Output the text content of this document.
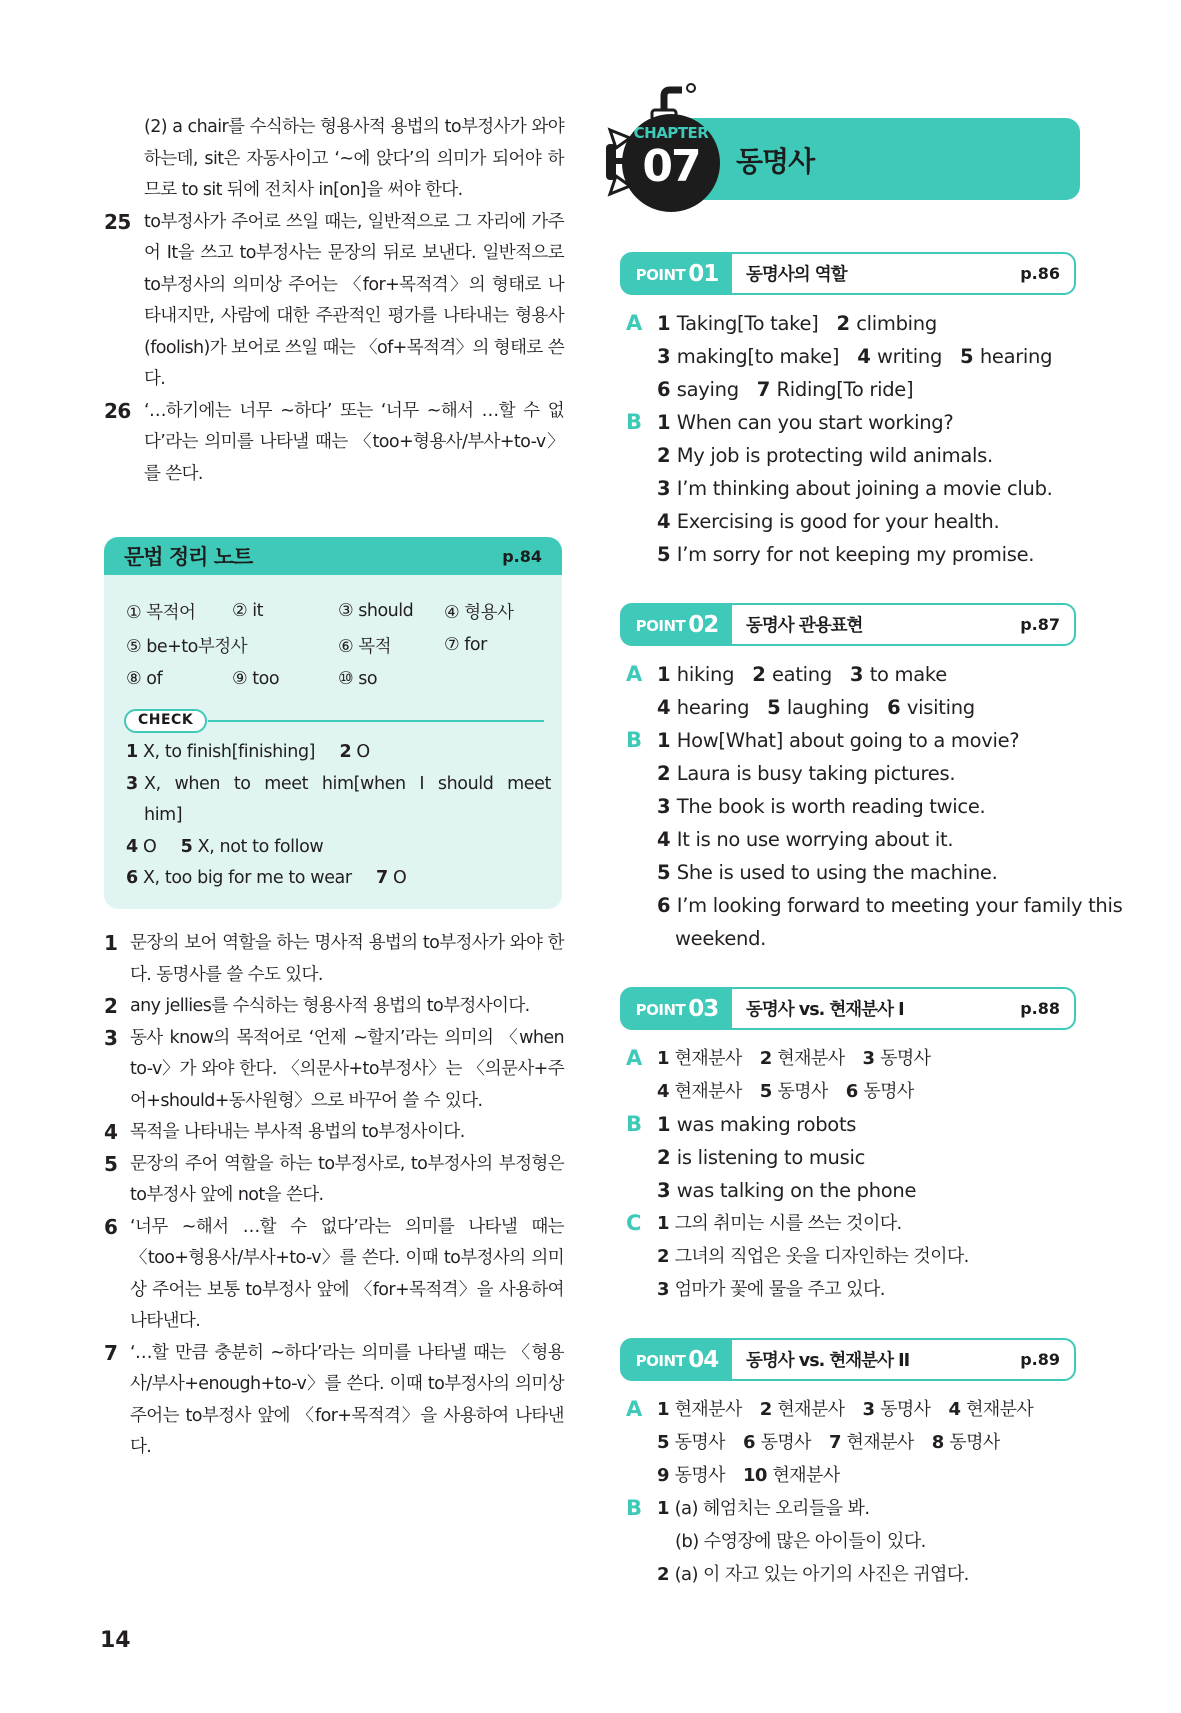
(2) a chair를 수식하는 형용사적 용법의 to부정사가 와야 하는데, sit은 자동사이고 ‘~에 앉다’의 의미가 되어야 하므로 to sit 뒤에 전치사 in[on]을 써야 한다.
25 to부정사가 주어로 쓰일 때는, 일반적으로 그 자리에 가주어 It을 쓰고 to부정사는 문장의 뒤로 보낸다. 일반적으로 to부정사의 의미상 주어는 〈for+목적격〉의 형태로 나타내지만, 사람에 대한 주관적인 평가를 나타내는 형용사(foolish)가 보어로 쓰일 때는 〈of+목적격〉의 형태로 쓴다.
26 ‘…하기에는 너무 ~하다’ 또는 ‘너무 ~해서 …할 수 없다’라는 의미를 나타낼 때는 〈too+형용사/부사+to-v〉를 쓴다.
문법 정리 노트	p.84
① 목적어	② it	③ should	④ 형용사
⑤ be+to부정사	⑥ 목적	⑦ for
⑧ of	⑨ too	⑩ so
CHECK
1 X, to finish[finishing] 2 O
3 X, when to meet him[when I should meet him]
4 O 5 X, not to follow
6 X, too big for me to wear 7 O
1 문장의 보어 역할을 하는 명사적 용법의 to부정사가 와야 한다. 동명사를 쓸 수도 있다.
2 any jellies를 수식하는 형용사적 용법의 to부정사이다.
3 동사 know의 목적어로 ‘언제 ~할지’라는 의미의 〈when to-v〉가 와야 한다. 〈의문사+to부정사〉는 〈의문사+주어+should+동사원형〉으로 바꾸어 쓸 수 있다.
4 목적을 나타내는 부사적 용법의 to부정사이다.
5 문장의 주어 역할을 하는 to부정사로, to부정사의 부정형은 to부정사 앞에 not을 쓴다.
6 ‘너무 ~해서 …할 수 없다’라는 의미를 나타낼 때는 〈too+형용사/부사+to-v〉를 쓴다. 이때 to부정사의 의미상 주어는 보통 to부정사 앞에 〈for+목적격〉을 사용하여 나타낸다.
7 ‘…할 만큼 충분히 ~하다’라는 의미를 나타낼 때는 〈형용사/부사+enough+to-v〉를 쓴다. 이때 to부정사의 의미상 주어는 to부정사 앞에 〈for+목적격〉을 사용하여 나타낸다.
14
CHAPTER
07	동명사
POINT 01	동명사의 역할	p.86
A 1 Taking[To take] 2 climbing
3 making[to make] 4 writing 5 hearing
6 saying 7 Riding[To ride]
B 1 When can you start working?
2 My job is protecting wild animals.
3 I’m thinking about joining a movie club.
4 Exercising is good for your health.
5 I’m sorry for not keeping my promise.
POINT 02	동명사 관용표현	p.87
A 1 hiking 2 eating 3 to make
4 hearing 5 laughing 6 visiting
B 1 How[What] about going to a movie?
2 Laura is busy taking pictures.
3 The book is worth reading twice.
4 It is no use worrying about it.
5 She is used to using the machine.
6 I’m looking forward to meeting your family this weekend.
POINT 03	동명사 vs. 현재분사 I	p.88
A 1 현재분사 2 현재분사 3 동명사
4 현재분사 5 동명사 6 동명사
B 1 was making robots
2 is listening to music
3 was talking on the phone
C 1 그의 취미는 시를 쓰는 것이다.
2 그녀의 직업은 옷을 디자인하는 것이다.
3 엄마가 꽃에 물을 주고 있다.
POINT 04	동명사 vs. 현재분사 II	p.89
A 1 현재분사 2 현재분사 3 동명사 4 현재분사
5 동명사 6 동명사 7 현재분사 8 동명사
9 동명사 10 현재분사
B 1 (a) 헤엄치는 오리들을 봐.
(b) 수영장에 많은 아이들이 있다.
2 (a) 이 자고 있는 아기의 사진은 귀엽다.
